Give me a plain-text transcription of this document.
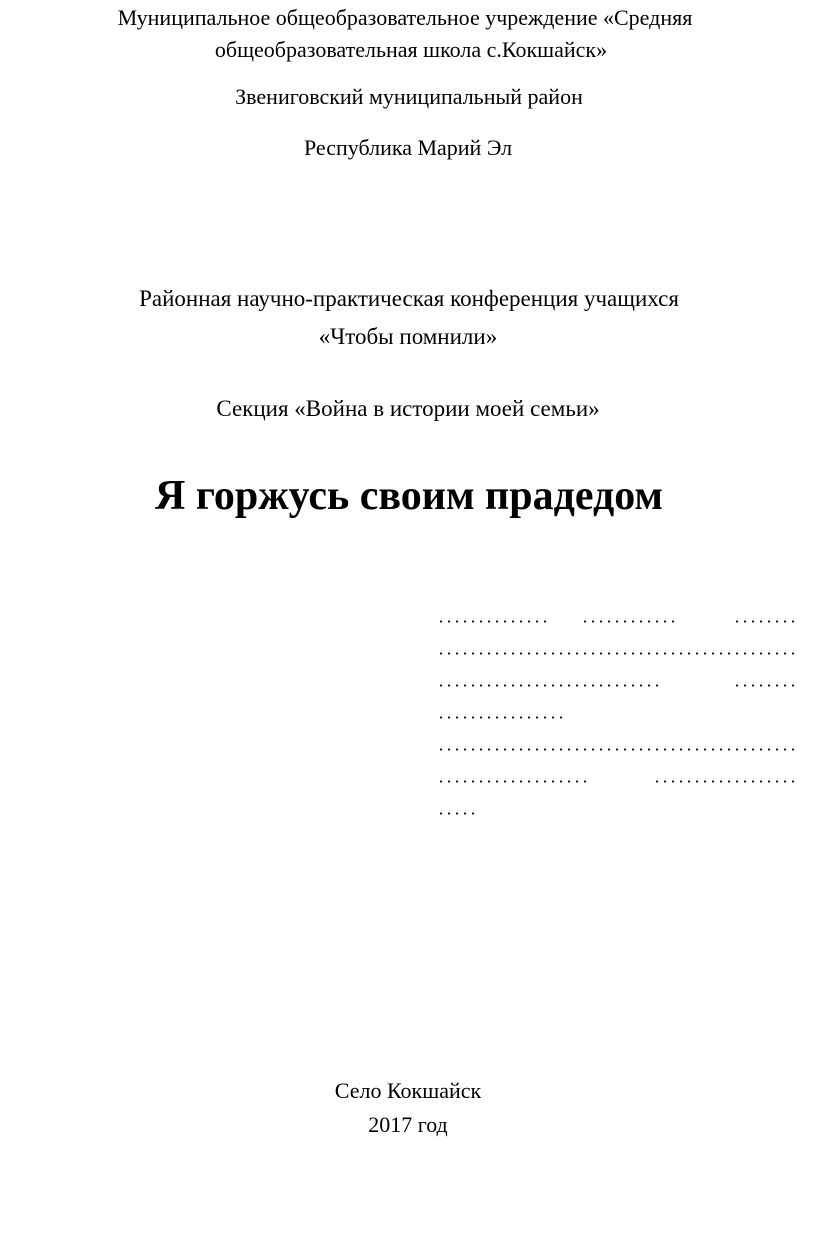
Муниципальное общеобразовательное учреждение «Средняя
общеобразовательная школа с.Кокшайск»
Звениговский муниципальный район
Республика Марий Эл
Районная научно-практическая конференция учащихся
«Чтобы помнили»
Секция «Война в истории моей семьи»
Я горжусь своим прадедом
Село Кокшайск
2017 год
